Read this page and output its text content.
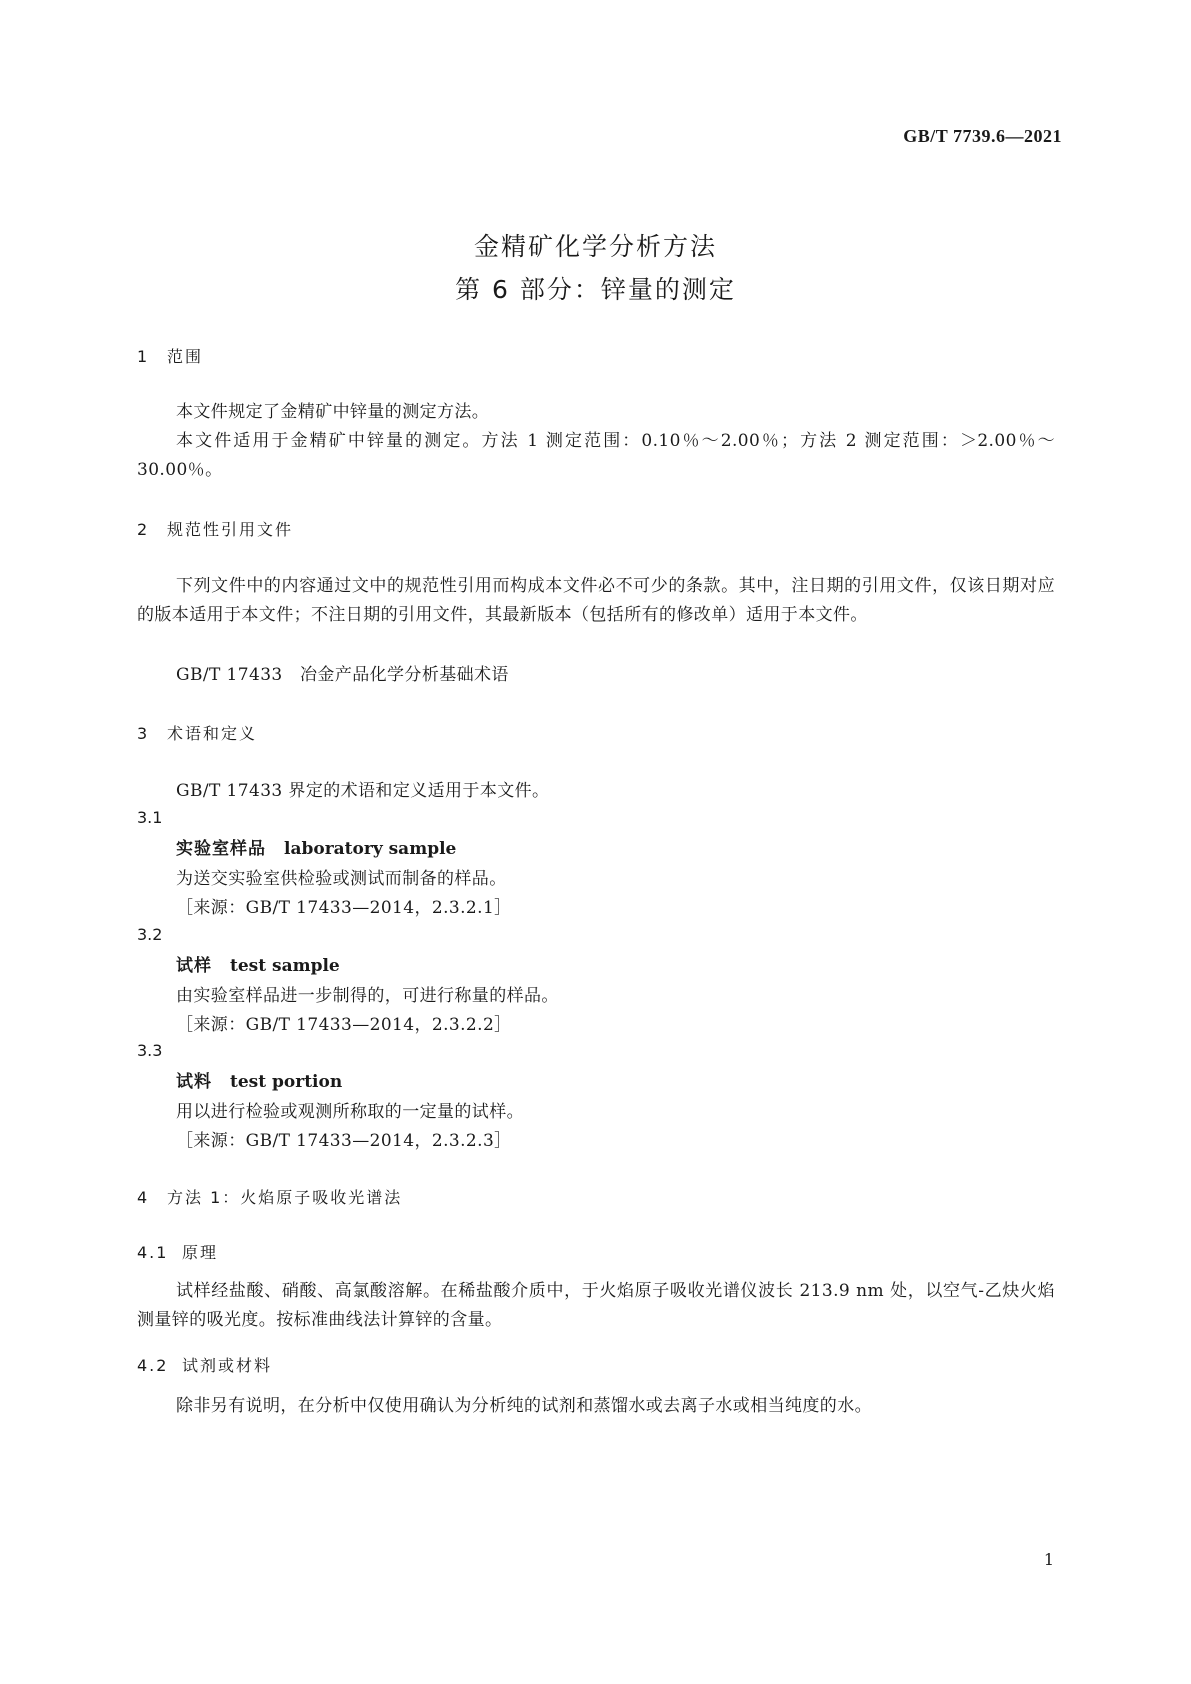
GB/T 7739.6—2021
金精矿化学分析方法
第 6 部分：锌量的测定
1 范围
本文件规定了金精矿中锌量的测定方法。
本文件适用于金精矿中锌量的测定。方法 1 测定范围：0.10％～2.00％；方法 2 测定范围：＞2.00％～30.00％。
2 规范性引用文件
下列文件中的内容通过文中的规范性引用而构成本文件必不可少的条款。其中，注日期的引用文件，仅该日期对应的版本适用于本文件；不注日期的引用文件，其最新版本（包括所有的修改单）适用于本文件。
GB/T 17433　冶金产品化学分析基础术语
3 术语和定义
GB/T 17433 界定的术语和定义适用于本文件。
3.1
实验室样品 laboratory sample
为送交实验室供检验或测试而制备的样品。
［来源：GB/T 17433—2014，2.3.2.1］
3.2
试样 test sample
由实验室样品进一步制得的，可进行称量的样品。
［来源：GB/T 17433—2014，2.3.2.2］
3.3
试料 test portion
用以进行检验或观测所称取的一定量的试样。
［来源：GB/T 17433—2014，2.3.2.3］
4 方法 1：火焰原子吸收光谱法
4.1 原理
试样经盐酸、硝酸、高氯酸溶解。在稀盐酸介质中，于火焰原子吸收光谱仪波长 213.9 nm 处，以空气-乙炔火焰测量锌的吸光度。按标准曲线法计算锌的含量。
4.2 试剂或材料
除非另有说明，在分析中仅使用确认为分析纯的试剂和蒸馏水或去离子水或相当纯度的水。
1
